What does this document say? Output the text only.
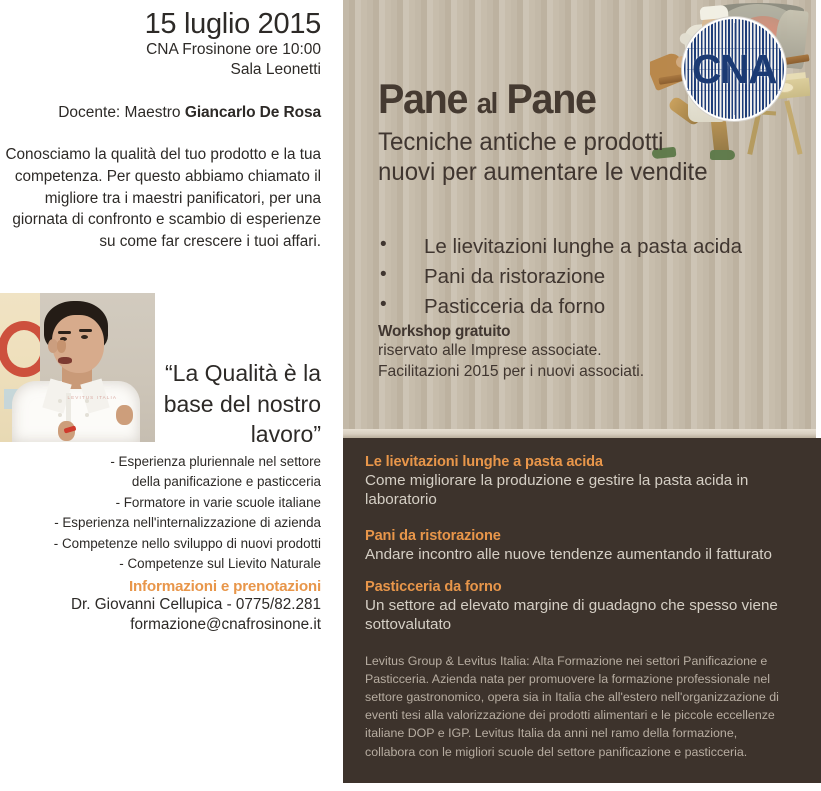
15 luglio 2015
CNA Frosinone ore 10:00
Sala Leonetti
Docente: Maestro Giancarlo De Rosa
Conosciamo la qualità del tuo prodotto e la tua competenza. Per questo abbiamo chiamato il migliore tra i maestri panificatori, per una giornata di confronto e scambio di esperienze su come far crescere i tuoi affari.
LEVITUS ITALIA
“La Qualità è la base del nostro lavoro”
- Esperienza pluriennale nel settore
della panificazione e pasticceria
- Formatore in varie scuole italiane
- Esperienza nell'internalizzazione di azienda
- Competenze nello sviluppo di nuovi prodotti
- Competenze sul Lievito Naturale
Informazioni e prenotazioni
Dr. Giovanni Cellupica - 0775/82.281
formazione@cnafrosinone.it
Pane al Pane
Tecniche antiche e prodotti nuovi per aumentare le vendite
• Le lievitazioni lunghe a pasta acida
• Pani da ristorazione
• Pasticceria da forno
Workshop gratuito
riservato alle Imprese associate.
Facilitazioni 2015 per i nuovi associati.
CNA
Le lievitazioni lunghe a pasta acida
Come migliorare la produzione e gestire la pasta acida in laboratorio
Pani da ristorazione
Andare incontro alle nuove tendenze aumentando il fatturato
Pasticceria da forno
Un settore ad elevato margine di guadagno che spesso viene sottovalutato
Levitus Group & Levitus Italia: Alta Formazione nei settori Panificazione e Pasticceria. Azienda nata per promuovere la formazione professionale nel settore gastronomico, opera sia in Italia che all'estero nell'organizzazione di eventi tesi alla valorizzazione dei prodotti alimentari e le piccole eccellenze italiane DOP e IGP. Levitus Italia da anni nel ramo della formazione, collabora con le migliori scuole del settore panificazione e pasticceria.
